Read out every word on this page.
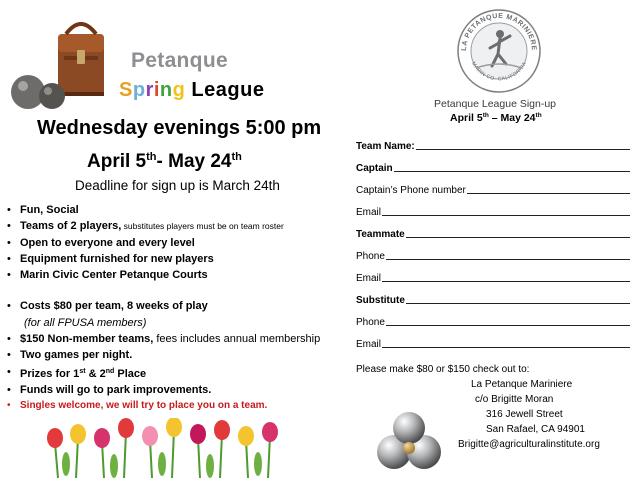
Petanque
Spring League
Wednesday evenings 5:00 pm
April 5th- May 24th
Deadline for sign up is March 24th
• Fun, Social
• Teams of 2 players, substitutes players must be on team roster
• Open to everyone and every level
• Equipment furnished for new players
• Marin Civic Center Petanque Courts
• Costs $80 per team, 8 weeks of play
(for all FPUSA members)
• $150 Non-member teams, fees includes annual membership
• Two games per night.
• Prizes for 1st & 2nd Place
• Funds will go to park improvements.
• Singles welcome, we will try to place you on a team.
LA PETANQUE MARINIERE
MARIN CO. CALIFORNIA
Petanque League Sign-up
April 5th – May 24th
Team Name:
Captain
Captain’s Phone number
Email
Teammate
Phone
Email
Substitute
Phone
Email
Please make $80 or $150 check out to:
La Petanque Mariniere
c/o Brigitte Moran
316 Jewell Street
San Rafael, CA 94901
Brigitte@agriculturalinstitute.org
